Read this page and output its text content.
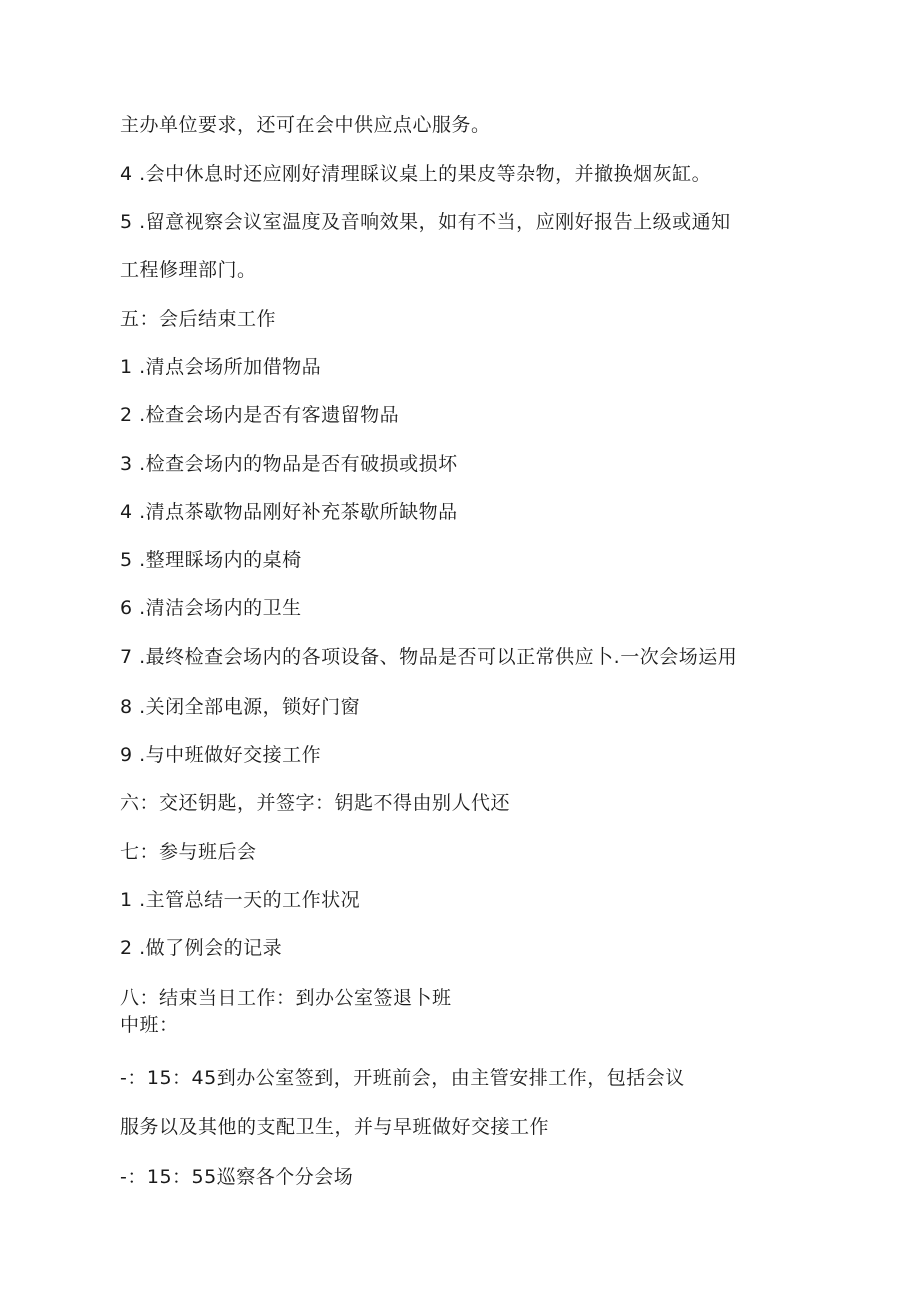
主办单位要求，还可在会中供应点心服务。
4 .会中休息时还应刚好清理睬议桌上的果皮等杂物，并撤换烟灰缸。
5 .留意视察会议室温度及音响效果，如有不当，应刚好报告上级或通知
工程修理部门。
五：会后结束工作
1 .清点会场所加借物品
2 .检查会场内是否有客遗留物品
3 .检查会场内的物品是否有破损或损坏
4 .清点茶歇物品刚好补充茶歇所缺物品
5 .整理睬场内的桌椅
6 .清洁会场内的卫生
7 .最终检查会场内的各项设备、物品是否可以正常供应卜.一次会场运用
8 .关闭全部电源，锁好门窗
9 .与中班做好交接工作
六：交还钥匙，并签字：钥匙不得由别人代还
七：参与班后会
1 .主管总结一天的工作状况
2 .做了例会的记录
八：结束当日工作：到办公室签退卜班
中班：
-：15：45到办公室签到，开班前会，由主管安排工作，包括会议
服务以及其他的支配卫生，并与早班做好交接工作
-：15：55巡察各个分会场
